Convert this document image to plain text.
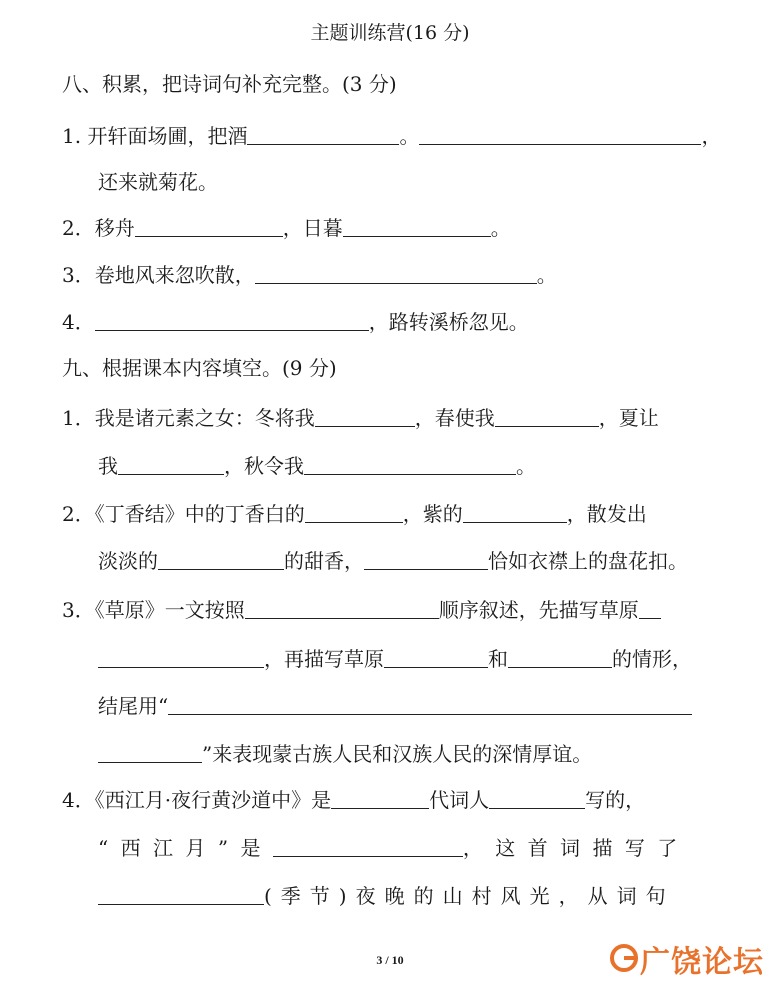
主题训练营(16 分)
八、积累，把诗词句补充完整。(3 分)
1. 开轩面场圃，把酒	。	，
还来就菊花。
2．移舟	，日暮	。
3．卷地风来忽吹散，	。
4．	，路转溪桥忽见。
九、根据课本内容填空。(9 分)
1．我是诸元素之女：冬将我	，春使我	，夏让
我	，秋令我	。
2．《丁香结》中的丁香白的	，紫的	，散发出
淡淡的	的甜香，	恰如衣襟上的盘花扣。
3．《草原》一文按照	顺序叙述，先描写草原
，再描写草原	和	的情形，
结尾用“
”来表现蒙古族人民和汉族人民的深情厚谊。
4．《西江月·夜行黄沙道中》是	代词人	写的，
“西江月”是	，这首词描写了
(季节)夜晚的山村风光，从词句
3 / 10	广饶论坛
